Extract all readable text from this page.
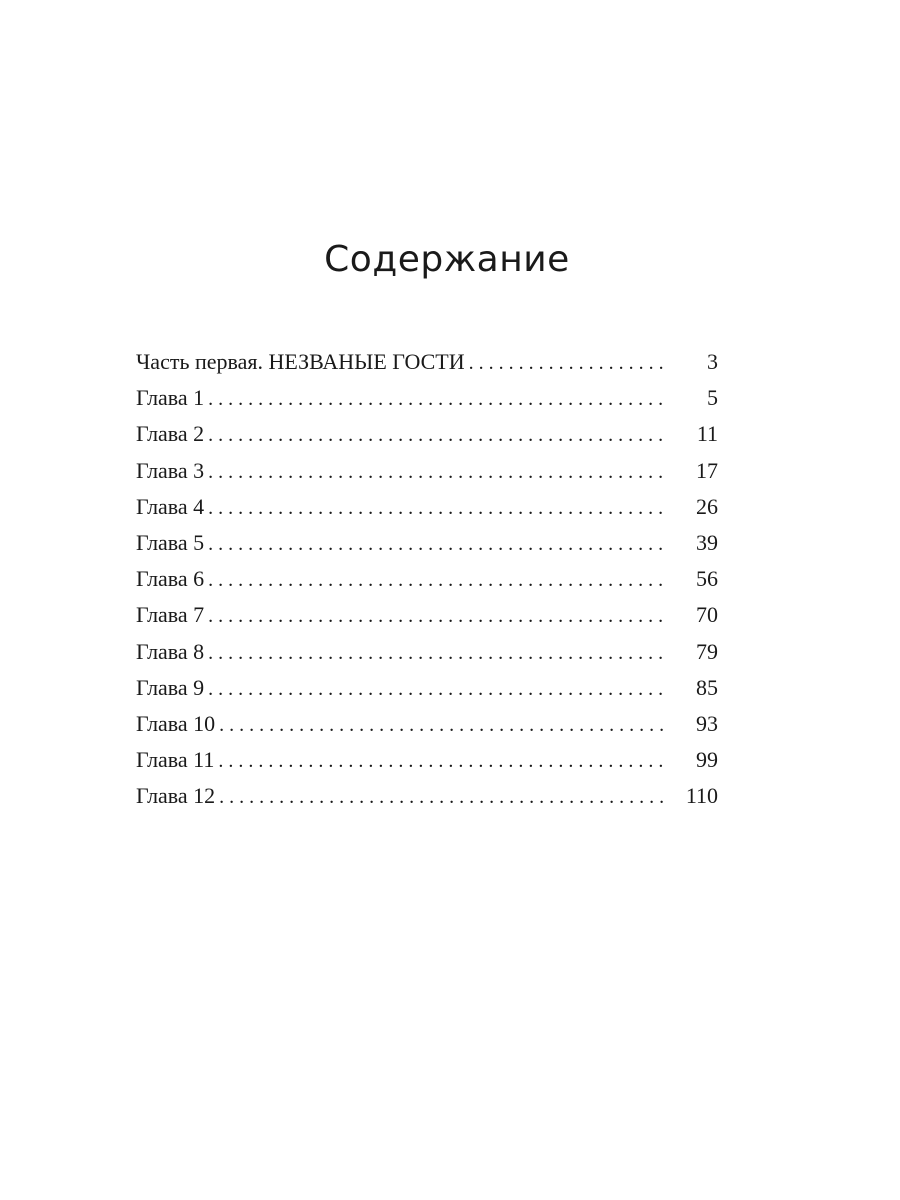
Содержание
Часть первая. НЕЗВАНЫЕ ГОСТИ . . .	3
Глава 1 . . .	5
Глава 2 . . .	11
Глава 3 . . .	17
Глава 4 . . .	26
Глава 5 . . .	39
Глава 6 . . .	56
Глава 7 . . .	70
Глава 8 . . .	79
Глава 9 . . .	85
Глава 10 . . .	93
Глава 11 . . .	99
Глава 12 . . .	110
